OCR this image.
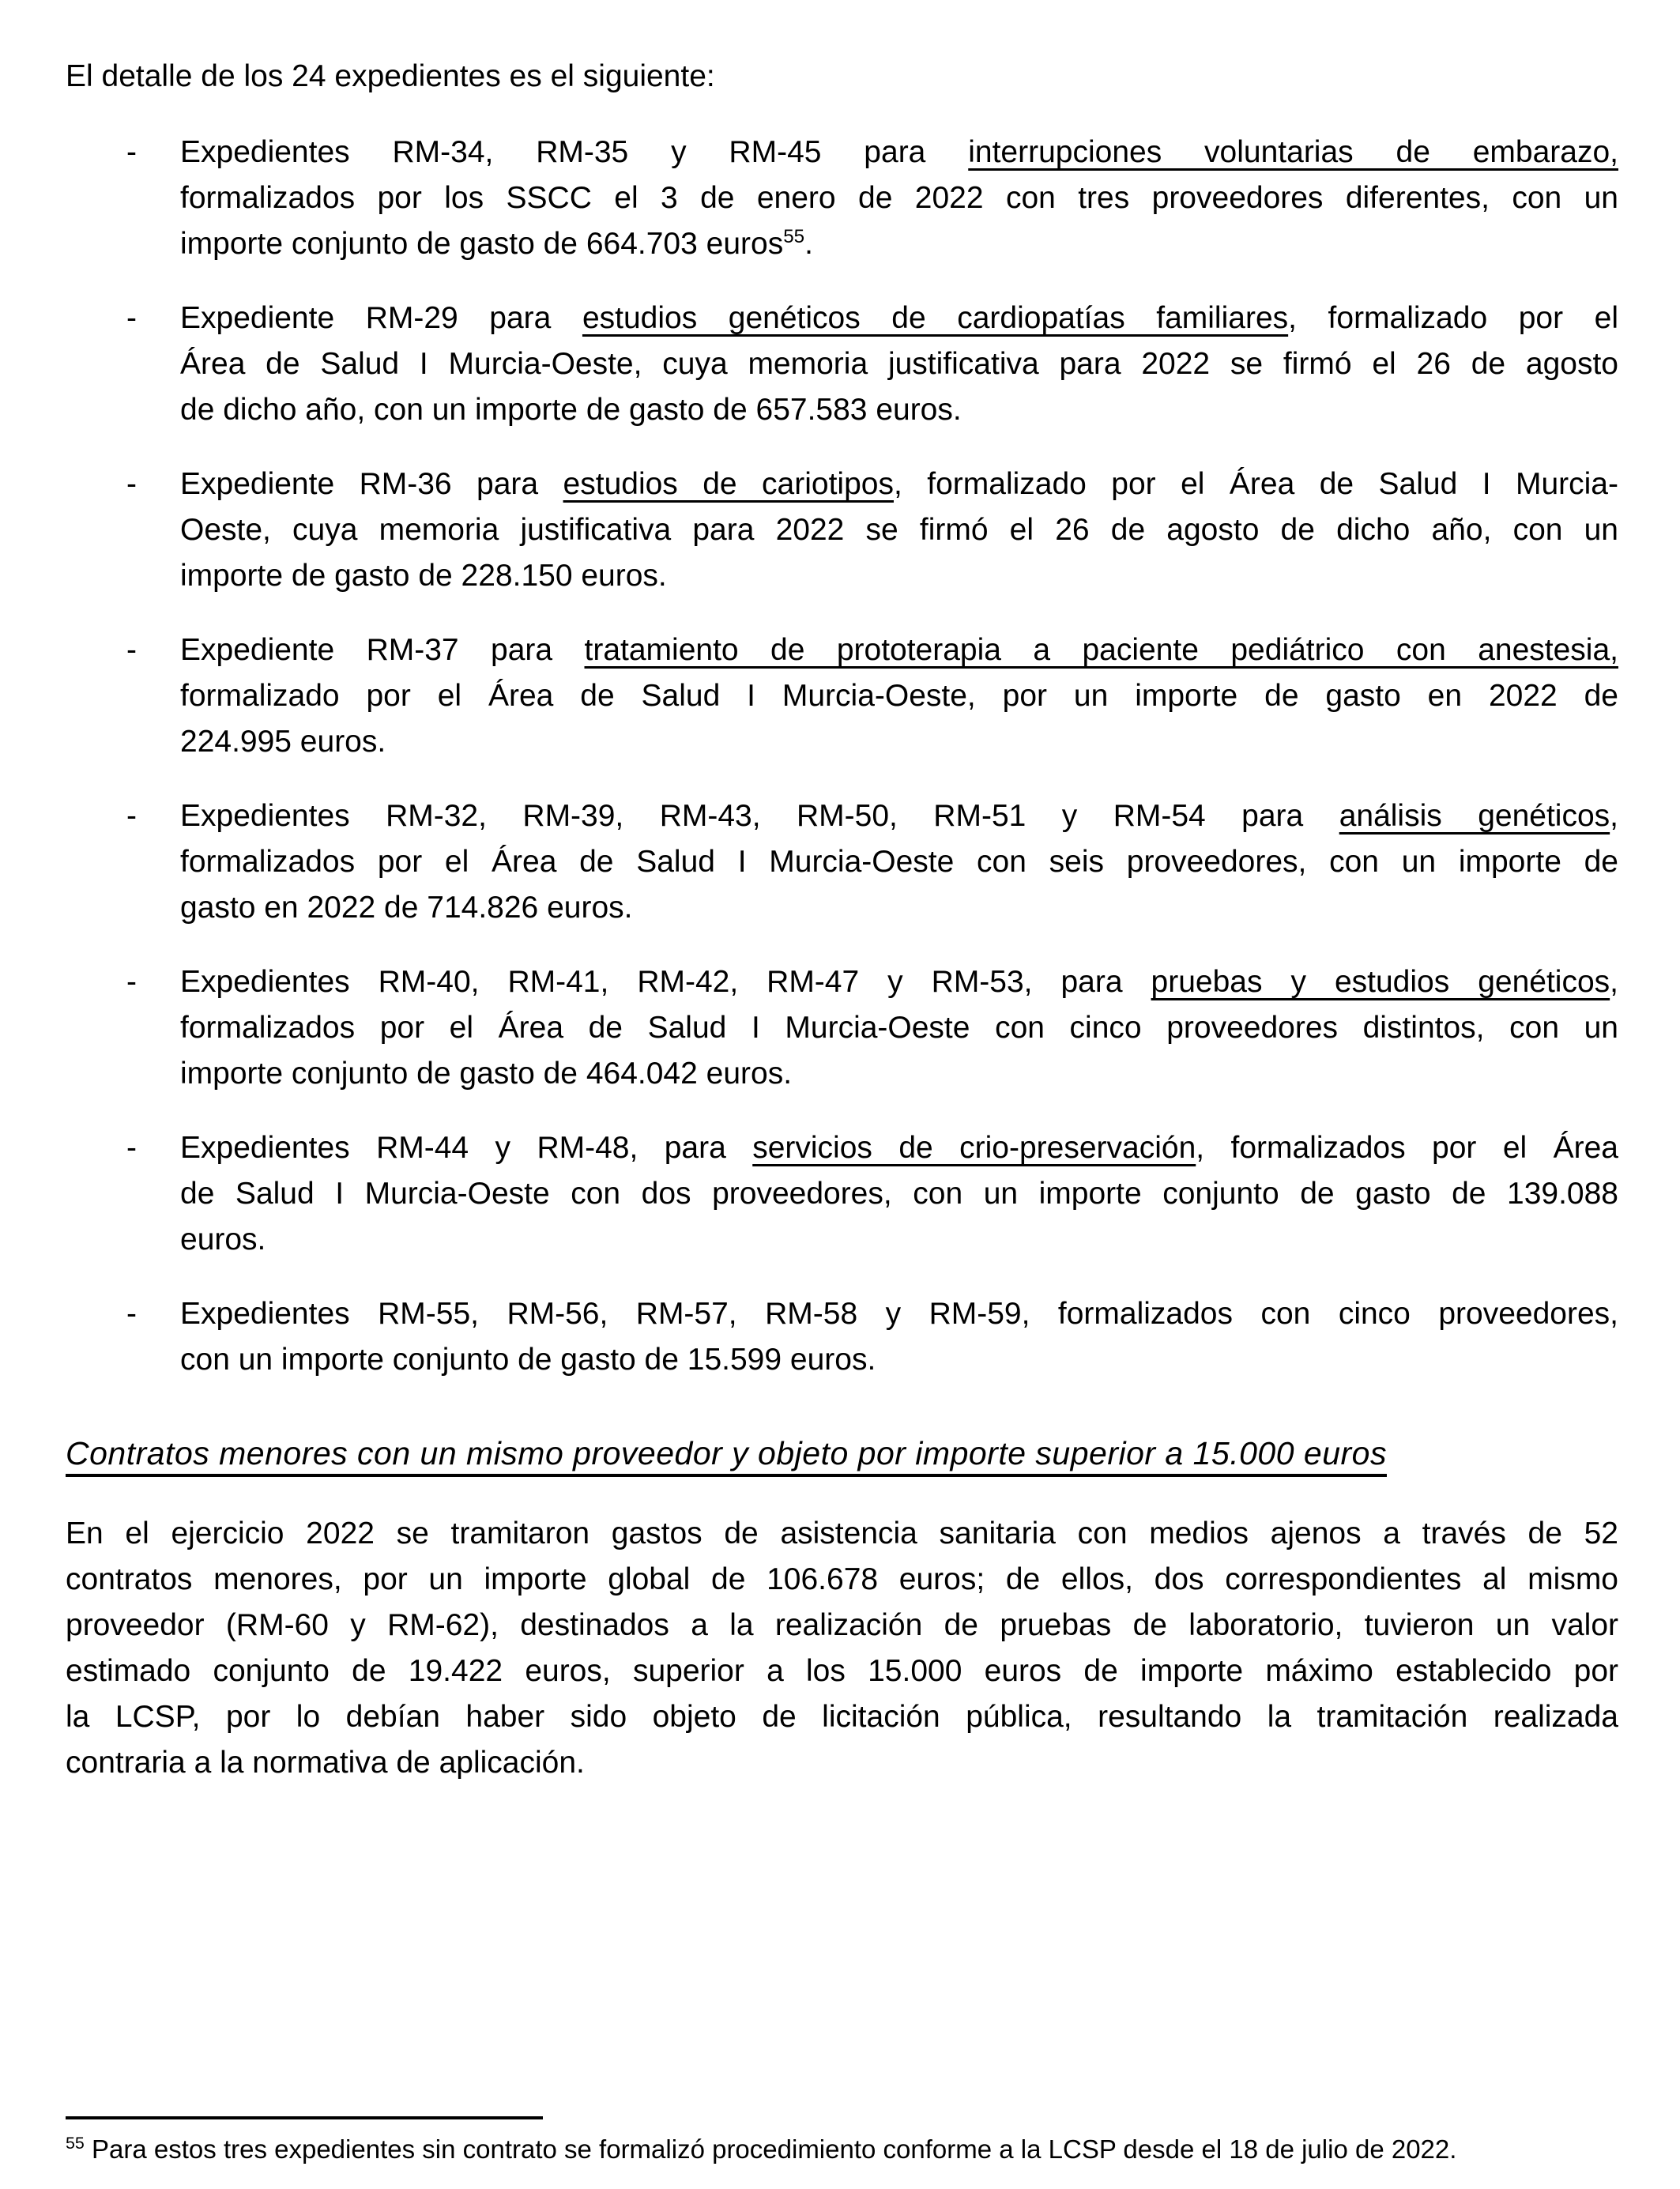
El detalle de los 24 expedientes es el siguiente:

-	Expedientes RM-34, RM-35 y RM-45 para interrupciones voluntarias de embarazo,
formalizados por los SSCC el 3 de enero de 2022 con tres proveedores diferentes, con un
importe conjunto de gasto de 664.703 euros$^{55}$.
-	Expediente RM-29 para estudios genéticos de cardiopatías familiares, formalizado por el
Área de Salud I Murcia-Oeste, cuya memoria justificativa para 2022 se firmó el 26 de agosto
de dicho año, con un importe de gasto de 657.583 euros.
-	Expediente RM-36 para estudios de cariotipos, formalizado por el Área de Salud I Murcia-
Oeste, cuya memoria justificativa para 2022 se firmó el 26 de agosto de dicho año, con un
importe de gasto de 228.150 euros.
-	Expediente RM-37 para tratamiento de prototerapia a paciente pediátrico con anestesia,
formalizado por el Área de Salud I Murcia-Oeste, por un importe de gasto en 2022 de
224.995 euros.
-	Expedientes RM-32, RM-39, RM-43, RM-50, RM-51 y RM-54 para análisis genéticos,
formalizados por el Área de Salud I Murcia-Oeste con seis proveedores, con un importe de
gasto en 2022 de 714.826 euros.
-	Expedientes RM-40, RM-41, RM-42, RM-47 y RM-53, para pruebas y estudios genéticos,
formalizados por el Área de Salud I Murcia-Oeste con cinco proveedores distintos, con un
importe conjunto de gasto de 464.042 euros.
-	Expedientes RM-44 y RM-48, para servicios de crio-preservación, formalizados por el Área
de Salud I Murcia-Oeste con dos proveedores, con un importe conjunto de gasto de 139.088
euros.
-	Expedientes RM-55, RM-56, RM-57, RM-58 y RM-59, formalizados con cinco proveedores,
con un importe conjunto de gasto de 15.599 euros.
Contratos menores con un mismo proveedor y objeto por importe superior a 15.000 euros
En el ejercicio 2022 se tramitaron gastos de asistencia sanitaria con medios ajenos a través de 52
contratos menores, por un importe global de 106.678 euros; de ellos, dos correspondientes al mismo
proveedor (RM-60 y RM-62), destinados a la realización de pruebas de laboratorio, tuvieron un valor
estimado conjunto de 19.422 euros, superior a los 15.000 euros de importe máximo establecido por
la LCSP, por lo debían haber sido objeto de licitación pública, resultando la tramitación realizada
contraria a la normativa de aplicación.

$^{55}$ Para estos tres expedientes sin contrato se formalizó procedimiento conforme a la LCSP desde el 18 de julio de 2022.
